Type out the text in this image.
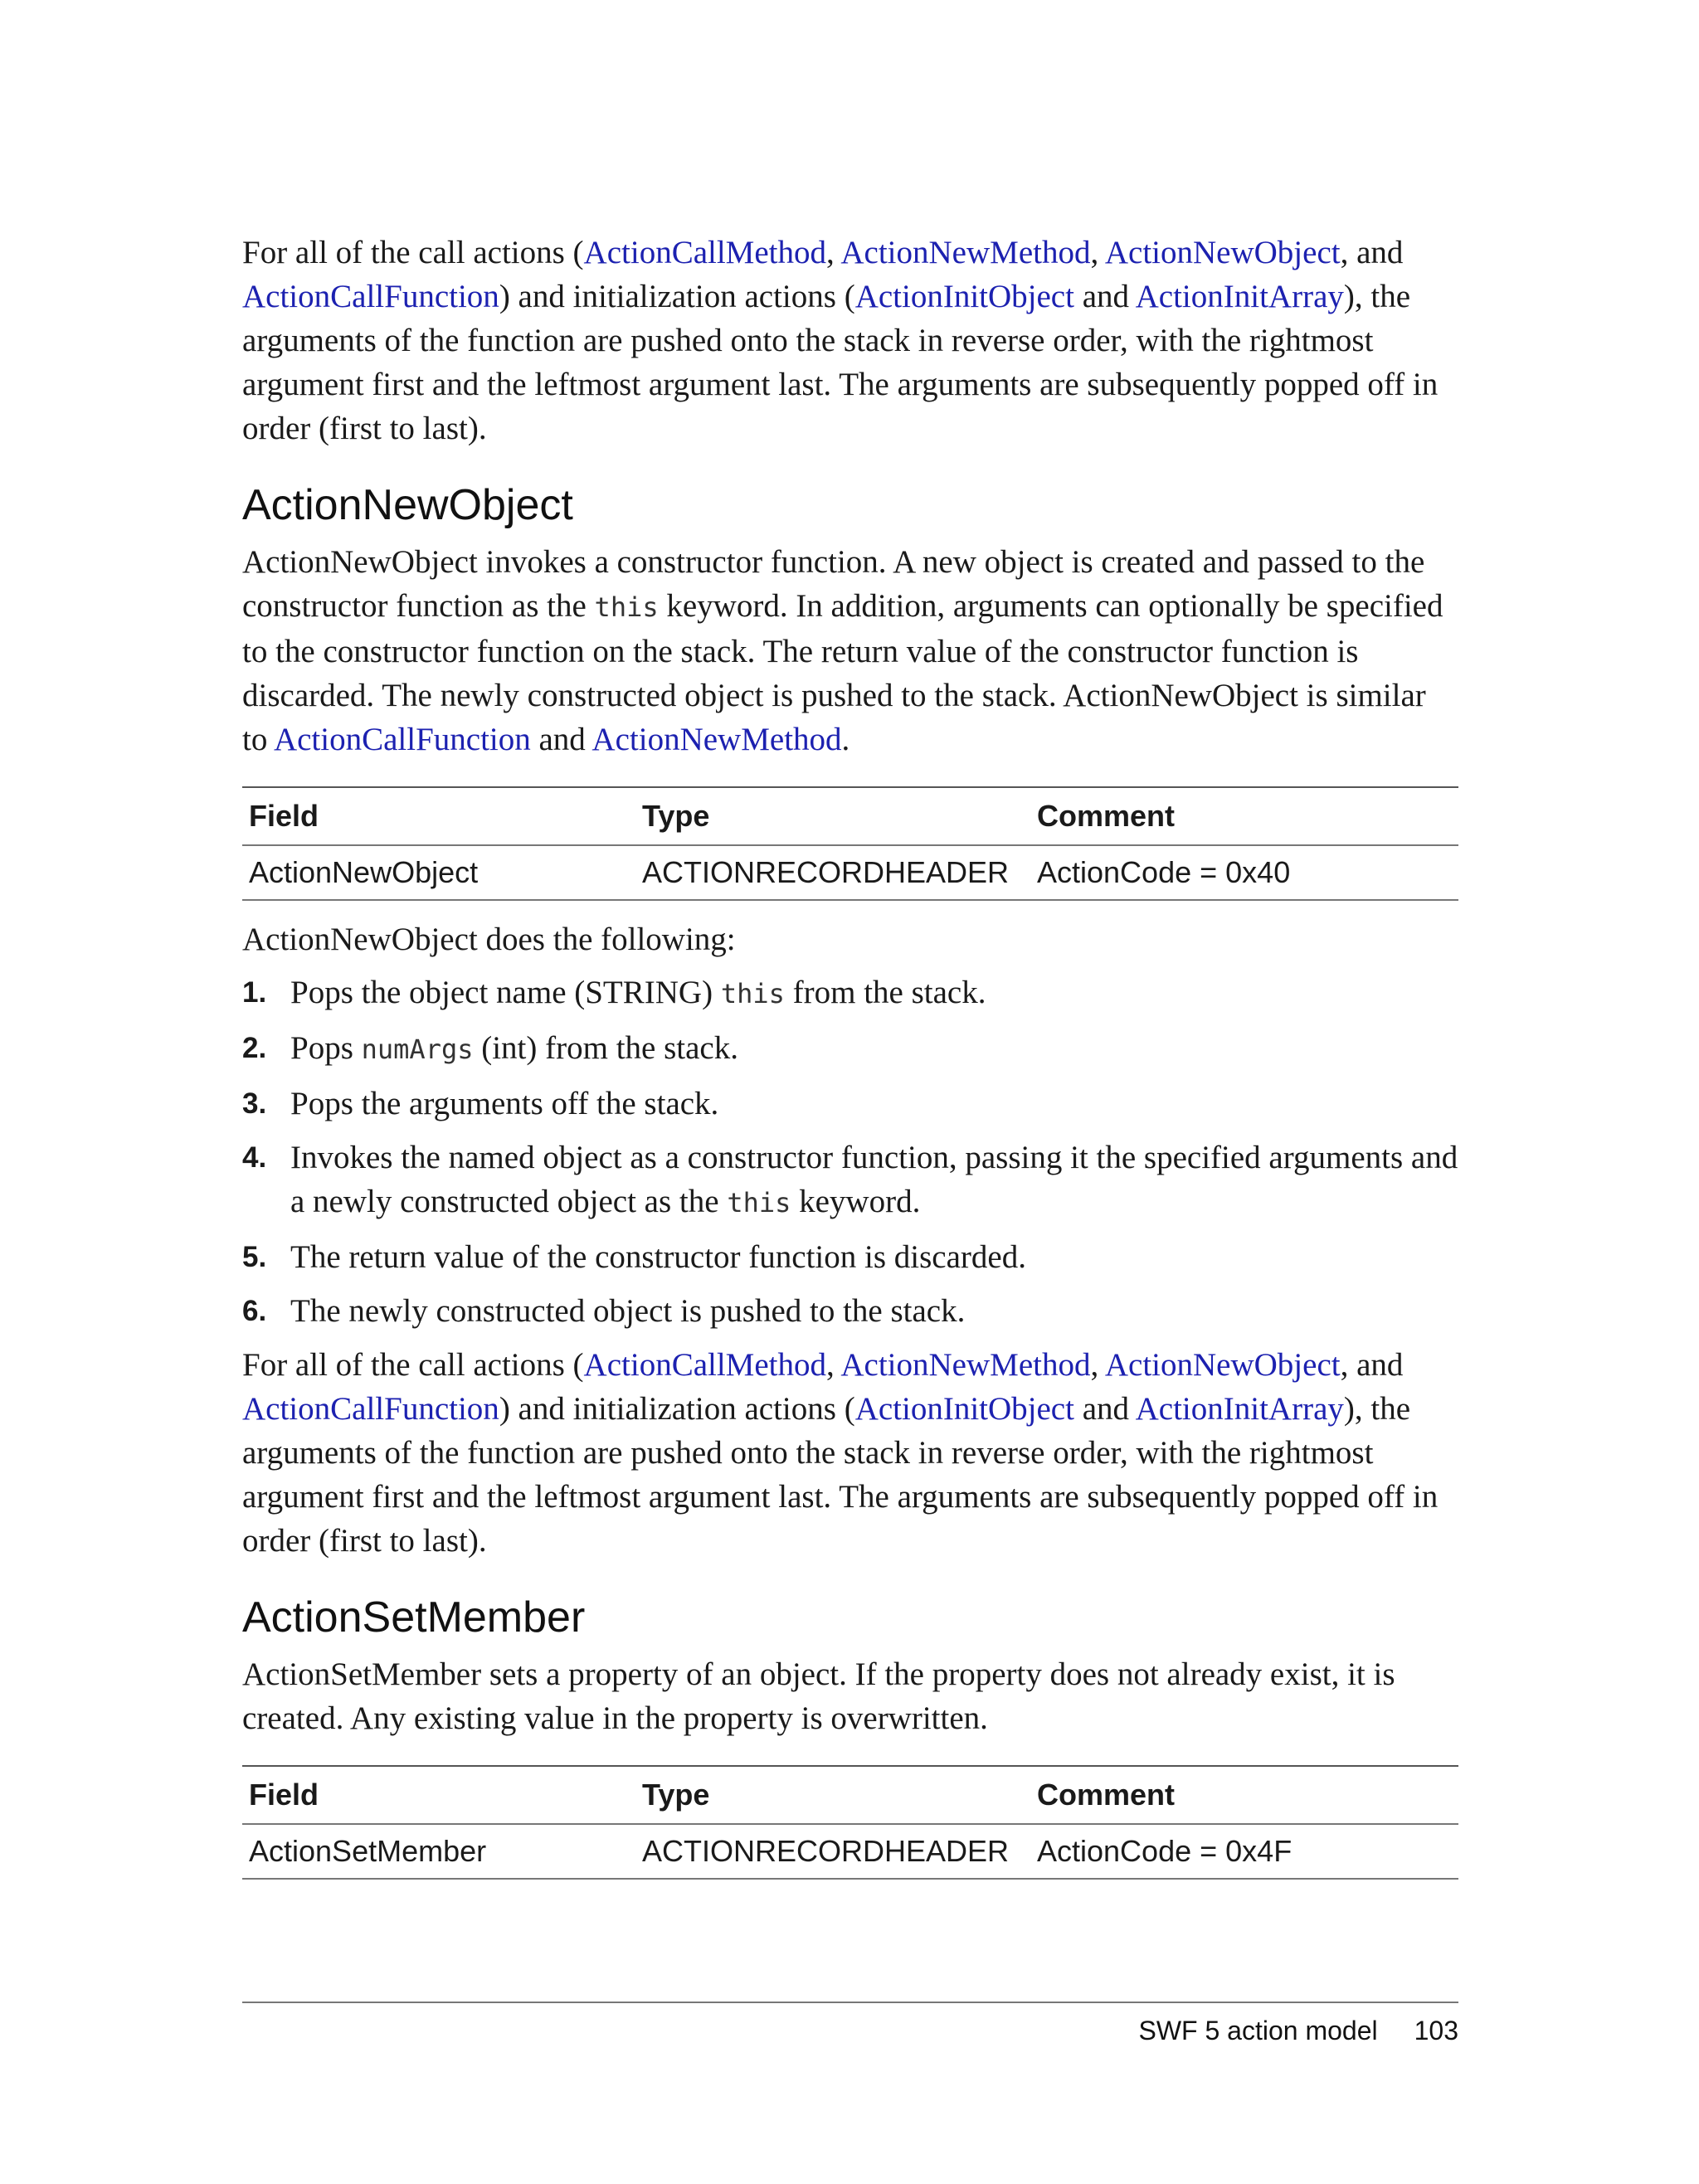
For all of the call actions (ActionCallMethod, ActionNewMethod, ActionNewObject, and ActionCallFunction) and initialization actions (ActionInitObject and ActionInitArray), the arguments of the function are pushed onto the stack in reverse order, with the rightmost argument first and the leftmost argument last. The arguments are subsequently popped off in order (first to last).

ActionNewObject

ActionNewObject invokes a constructor function. A new object is created and passed to the constructor function as the this keyword. In addition, arguments can optionally be specified to the constructor function on the stack. The return value of the constructor function is discarded. The newly constructed object is pushed to the stack. ActionNewObject is similar to ActionCallFunction and ActionNewMethod.

Field	Type	Comment
ActionNewObject	ACTIONRECORDHEADER	ActionCode = 0x40

ActionNewObject does the following:

1. Pops the object name (STRING) this from the stack.
2. Pops numArgs (int) from the stack.
3. Pops the arguments off the stack.
4. Invokes the named object as a constructor function, passing it the specified arguments and a newly constructed object as the this keyword.
5. The return value of the constructor function is discarded.
6. The newly constructed object is pushed to the stack.

For all of the call actions (ActionCallMethod, ActionNewMethod, ActionNewObject, and ActionCallFunction) and initialization actions (ActionInitObject and ActionInitArray), the arguments of the function are pushed onto the stack in reverse order, with the rightmost argument first and the leftmost argument last. The arguments are subsequently popped off in order (first to last).

ActionSetMember

ActionSetMember sets a property of an object. If the property does not already exist, it is created. Any existing value in the property is overwritten.

Field	Type	Comment
ActionSetMember	ACTIONRECORDHEADER	ActionCode = 0x4F
SWF 5 action model 103
